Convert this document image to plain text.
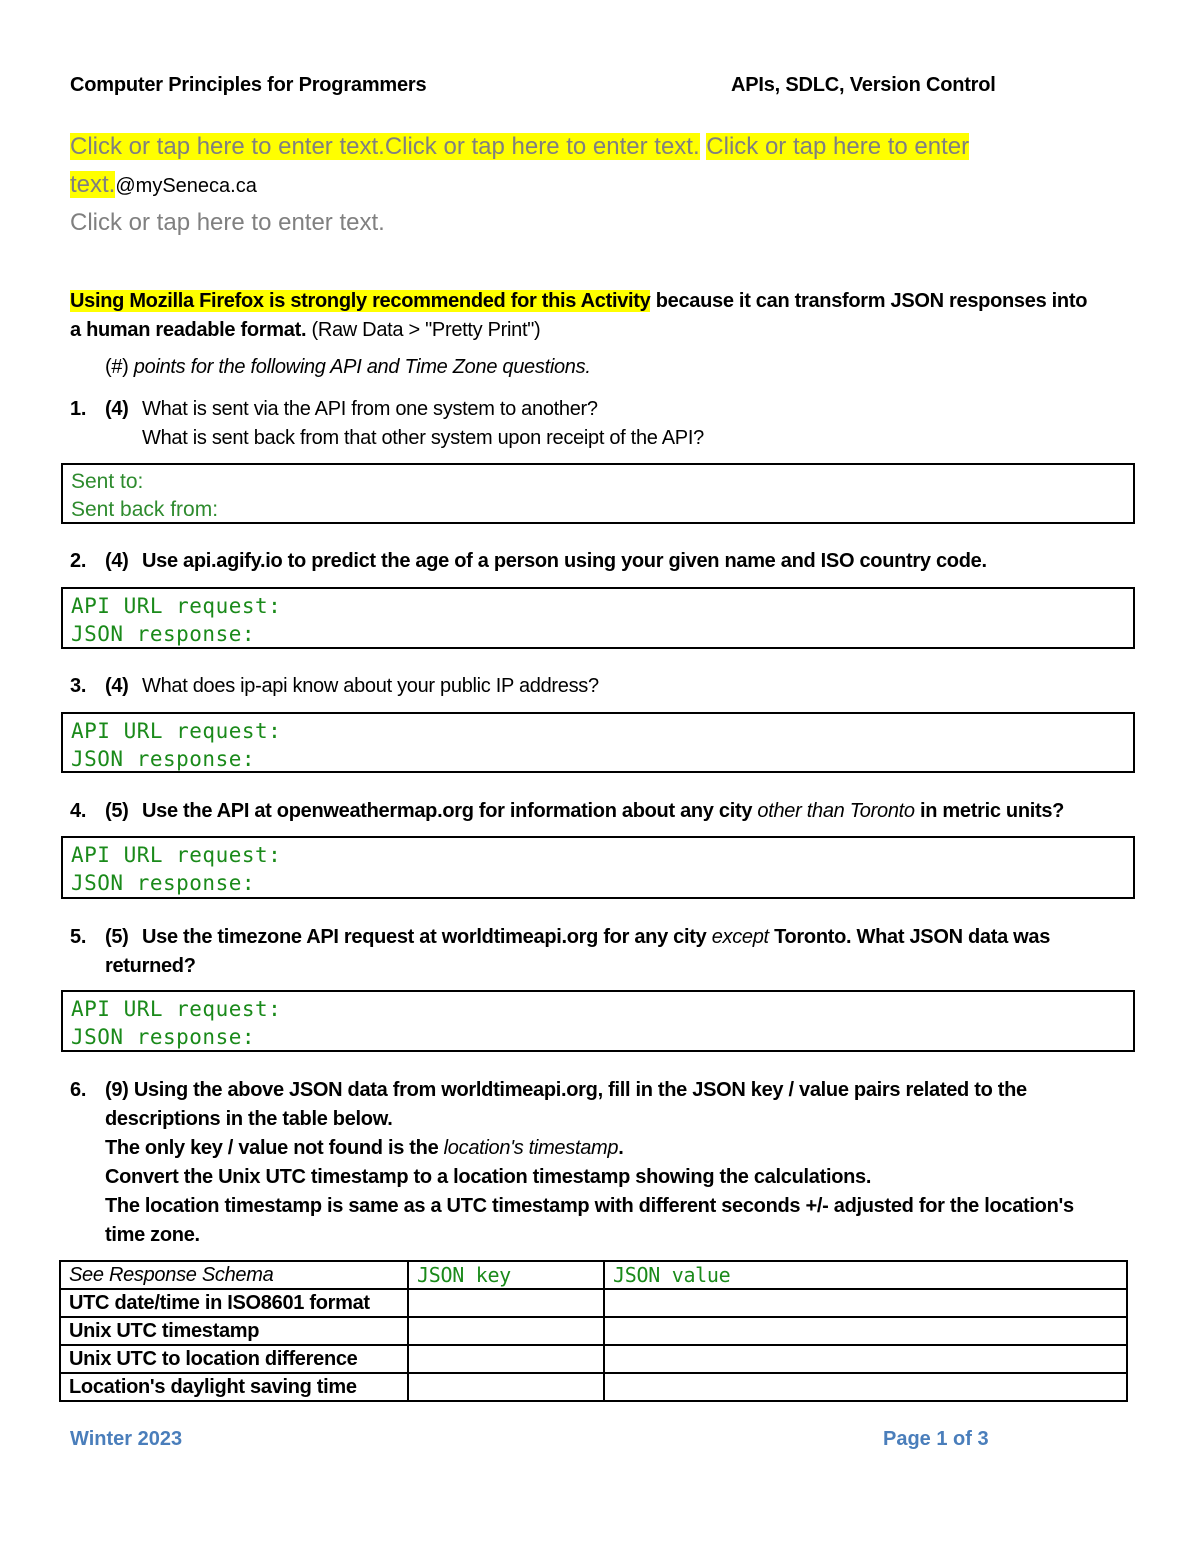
Computer Principles for Programmers	APIs, SDLC, Version Control
Click or tap here to enter text.Click or tap here to enter text. Click or tap here to enter
text.@mySeneca.ca
Click or tap here to enter text.
Using Mozilla Firefox is strongly recommended for this Activity because it can transform JSON responses into
a human readable format. (Raw Data > "Pretty Print")
(#) points for the following API and Time Zone questions.
1. (4) What is sent via the API from one system to another?
What is sent back from that other system upon receipt of the API?
Sent to:
Sent back from:
2. (4) Use api.agify.io to predict the age of a person using your given name and ISO country code.
API URL request:
JSON response:
3. (4) What does ip-api know about your public IP address?
API URL request:
JSON response:
4. (5) Use the API at openweathermap.org for information about any city other than Toronto in metric units?
API URL request:
JSON response:
5. (5) Use the timezone API request at worldtimeapi.org for any city except Toronto. What JSON data was
returned?
API URL request:
JSON response:
6. (9) Using the above JSON data from worldtimeapi.org, fill in the JSON key / value pairs related to the
descriptions in the table below.
The only key / value not found is the location's timestamp.
Convert the Unix UTC timestamp to a location timestamp showing the calculations.
The location timestamp is same as a UTC timestamp with different seconds +/- adjusted for the location's
time zone.
See Response Schema	JSON key	JSON value
UTC date/time in ISO8601 format		
Unix UTC timestamp		
Unix UTC to location difference		
Location's daylight saving time		
Winter 2023	Page 1 of 3
